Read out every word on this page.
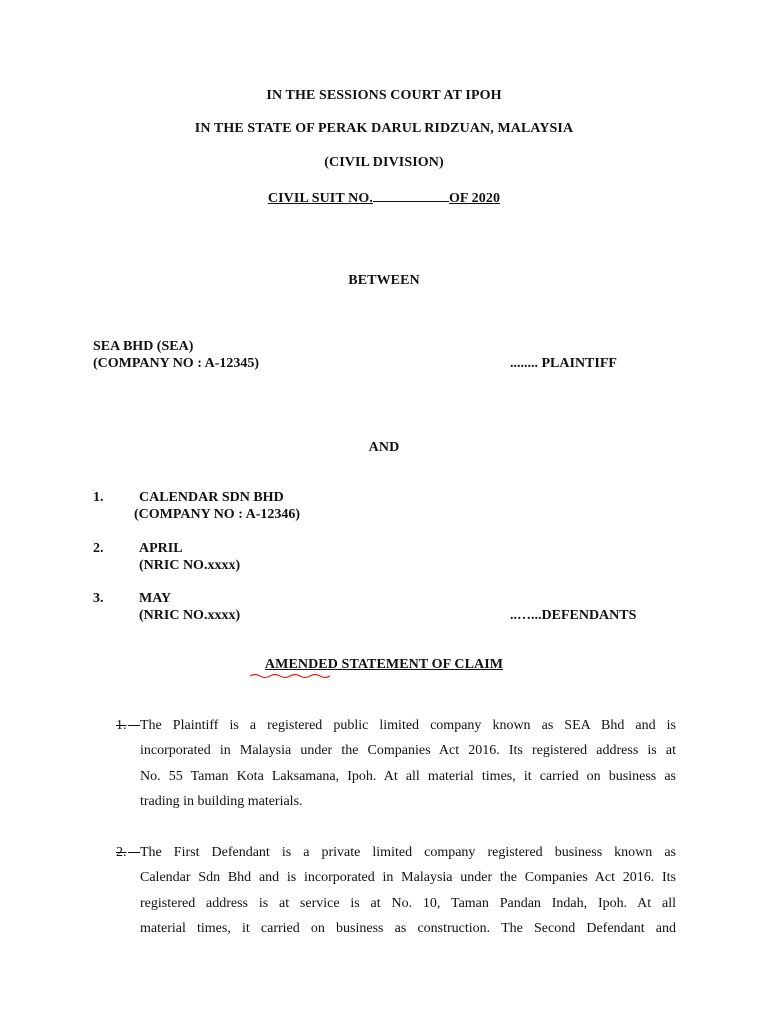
IN THE SESSIONS COURT AT IPOH
IN THE STATE OF PERAK DARUL RIDZUAN, MALAYSIA
(CIVIL DIVISION)
CIVIL SUIT NO.	OF 2020
BETWEEN
SEA BHD (SEA)
(COMPANY NO : A-12345)	........ PLAINTIFF
AND
1.	CALENDAR SDN BHD
(COMPANY NO : A-12346)
2.	APRIL
(NRIC NO.xxxx)
3.	MAY
(NRIC NO.xxxx)	..…...DEFENDANTS
AMENDED STATEMENT OF CLAIM
1. The Plaintiff is a registered public limited company known as SEA Bhd and is
incorporated in Malaysia under the Companies Act 2016. Its registered address is at
No. 55 Taman Kota Laksamana, Ipoh. At all material times, it carried on business as
trading in building materials.
2. The First Defendant is a private limited company registered business known as
Calendar Sdn Bhd and is incorporated in Malaysia under the Companies Act 2016. Its
registered address is at service is at No. 10, Taman Pandan Indah, Ipoh. At all
material times, it carried on business as construction. The Second Defendant and
